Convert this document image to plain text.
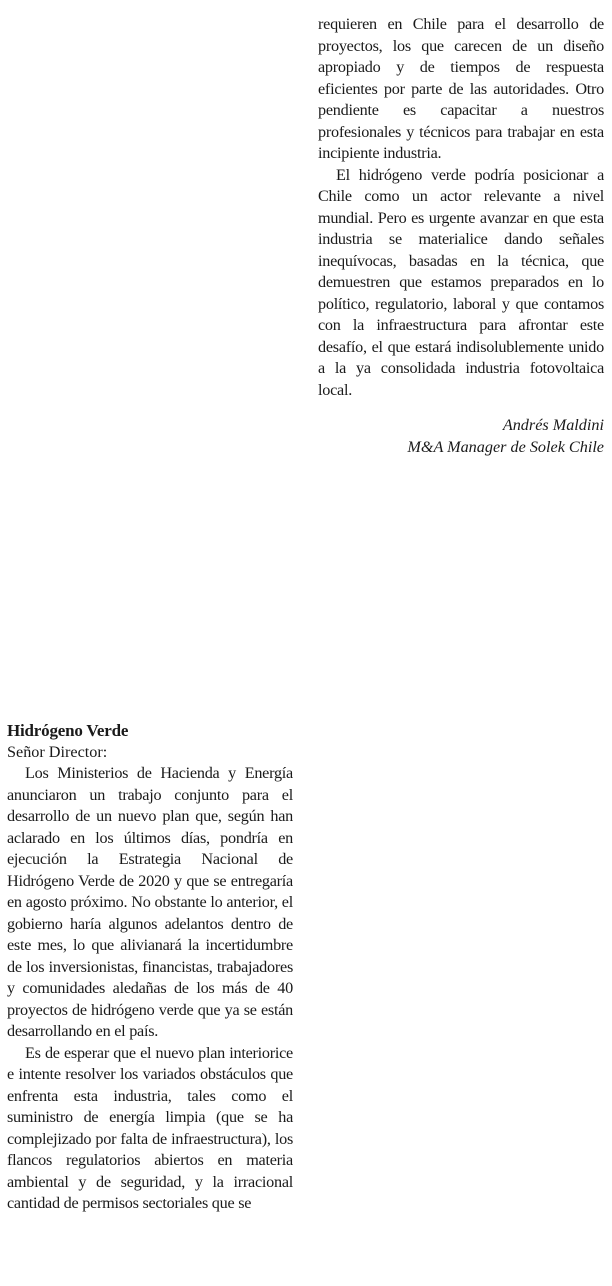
requieren en Chile para el desarrollo de proyectos, los que carecen de un diseño apropiado y de tiempos de respuesta eficientes por parte de las autoridades. Otro pendiente es capacitar a nuestros profesionales y técnicos para trabajar en esta incipiente industria.

El hidrógeno verde podría posicionar a Chile como un actor relevante a nivel mundial. Pero es urgente avanzar en que esta industria se materialice dando señales inequívocas, basadas en la técnica, que demuestren que estamos preparados en lo político, regulatorio, laboral y que contamos con la infraestructura para afrontar este desafío, el que estará indisolublemente unido a la ya consolidada industria fotovoltaica local.

Andrés Maldini
M&A Manager de Solek Chile
Hidrógeno Verde
Señor Director:

Los Ministerios de Hacienda y Energía anunciaron un trabajo conjunto para el desarrollo de un nuevo plan que, según han aclarado en los últimos días, pondría en ejecución la Estrategia Nacional de Hidrógeno Verde de 2020 y que se entregaría en agosto próximo. No obstante lo anterior, el gobierno haría algunos adelantos dentro de este mes, lo que alivianará la incertidumbre de los inversionistas, financistas, trabajadores y comunidades aledañas de los más de 40 proyectos de hidrógeno verde que ya se están desarrollando en el país.

Es de esperar que el nuevo plan interiorice e intente resolver los variados obstáculos que enfrenta esta industria, tales como el suministro de energía limpia (que se ha complejizado por falta de infraestructura), los flancos regulatorios abiertos en materia ambiental y de seguridad, y la irracional cantidad de permisos sectoriales que se
